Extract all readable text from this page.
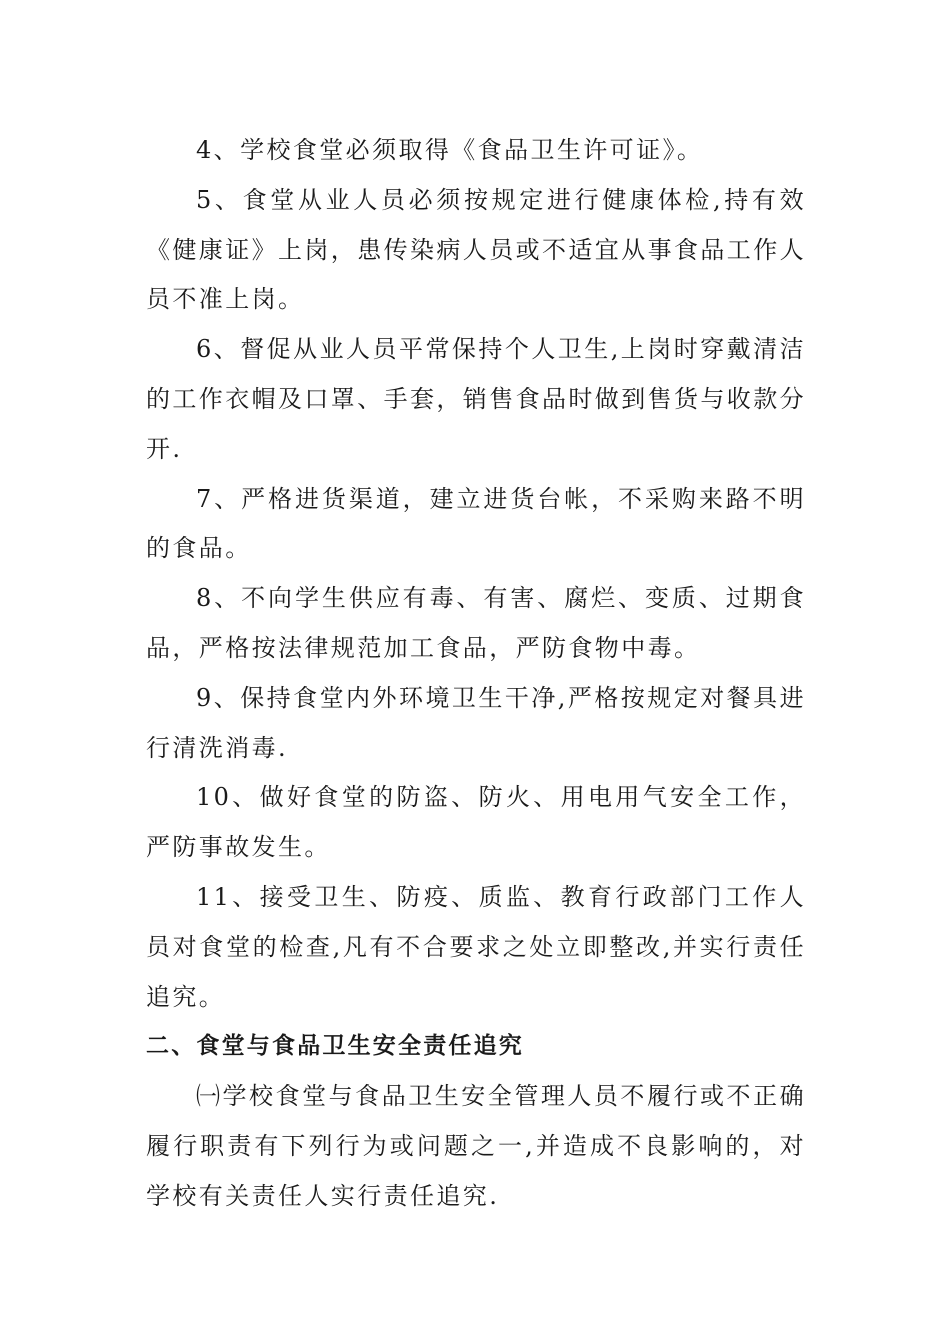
4、学校食堂必须取得《食品卫生许可证》。

5、食堂从业人员必须按规定进行健康体检,持有效《健康证》上岗，患传染病人员或不适宜从事食品工作人员不准上岗。

6、督促从业人员平常保持个人卫生,上岗时穿戴清洁的工作衣帽及口罩、手套，销售食品时做到售货与收款分开.

7、严格进货渠道，建立进货台帐，不采购来路不明的食品。

8、不向学生供应有毒、有害、腐烂、变质、过期食品，严格按法律规范加工食品，严防食物中毒。

9、保持食堂内外环境卫生干净,严格按规定对餐具进行清洗消毒.

10、做好食堂的防盗、防火、用电用气安全工作，严防事故发生。

11、接受卫生、防疫、质监、教育行政部门工作人员对食堂的检查,凡有不合要求之处立即整改,并实行责任追究。

二、食堂与食品卫生安全责任追究

㈠学校食堂与食品卫生安全管理人员不履行或不正确履行职责有下列行为或问题之一,并造成不良影响的，对学校有关责任人实行责任追究.
